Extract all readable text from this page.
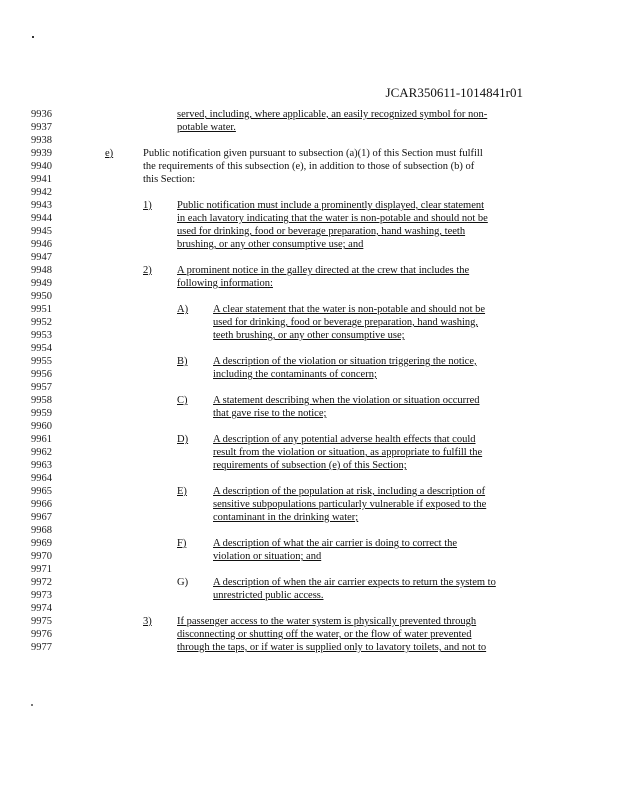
JCAR350611-1014841r01
9936
9937
9938
9939
9940
9941
9942
9943
9944
9945
9946
9947
9948
9949
9950
9951
9952
9953
9954
9955
9956
9957
9958
9959
9960
9961
9962
9963
9964
9965
9966
9967
9968
9969
9970
9971
9972
9973
9974
9975
9976
9977
served, including, where applicable, an easily recognized symbol for non-
potable water.
e)	Public notification given pursuant to subsection (a)(1) of this Section must fulfill
the requirements of this subsection (e), in addition to those of subsection (b) of
this Section:
1) Public notification must include a prominently displayed, clear statement
in each lavatory indicating that the water is non-potable and should not be
used for drinking, food or beverage preparation, hand washing, teeth
brushing, or any other consumptive use; and
2) A prominent notice in the galley directed at the crew that includes the
following information:
A) A clear statement that the water is non-potable and should not be
used for drinking, food or beverage preparation, hand washing,
teeth brushing, or any other consumptive use;
B) A description of the violation or situation triggering the notice,
including the contaminants of concern;
C) A statement describing when the violation or situation occurred
that gave rise to the notice;
D) A description of any potential adverse health effects that could
result from the violation or situation, as appropriate to fulfill the
requirements of subsection (e) of this Section;
E) A description of the population at risk, including a description of
sensitive subpopulations particularly vulnerable if exposed to the
contaminant in the drinking water;
F)	A description of what the air carrier is doing to correct the
violation or situation; and
G) A description of when the air carrier expects to return the system to
unrestricted public access.
3) If passenger access to the water system is physically prevented through
disconnecting or shutting off the water, or the flow of water prevented
through the taps, or if water is supplied only to lavatory toilets, and not to
